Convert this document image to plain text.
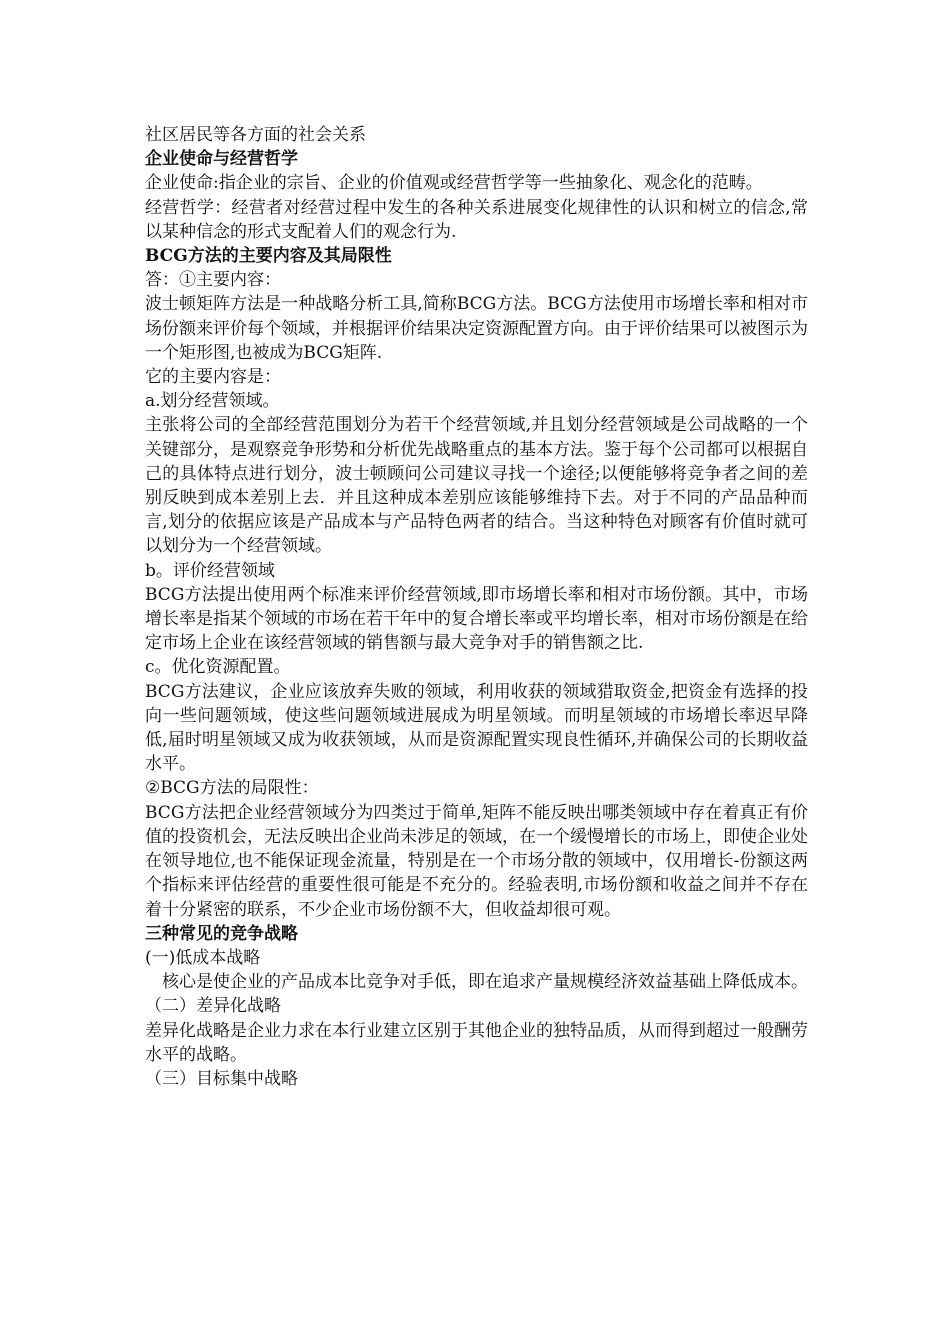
社区居民等各方面的社会关系

企业使命与经营哲学

企业使命:指企业的宗旨、企业的价值观或经营哲学等一些抽象化、观念化的范畴。

经营哲学：经营者对经营过程中发生的各种关系进展变化规律性的认识和树立的信念,常以某种信念的形式支配着人们的观念行为.

BCG方法的主要内容及其局限性

答：①主要内容：

波士顿矩阵方法是一种战略分析工具,简称BCG方法。BCG方法使用市场增长率和相对市场份额来评价每个领域，并根据评价结果决定资源配置方向。由于评价结果可以被图示为一个矩形图,也被成为BCG矩阵.

它的主要内容是：

a.划分经营领域。

主张将公司的全部经营范围划分为若干个经营领域,并且划分经营领域是公司战略的一个关键部分，是观察竞争形势和分析优先战略重点的基本方法。鉴于每个公司都可以根据自己的具体特点进行划分，波士顿顾问公司建议寻找一个途径;以便能够将竞争者之间的差别反映到成本差别上去．并且这种成本差别应该能够维持下去。对于不同的产品品种而言,划分的依据应该是产品成本与产品特色两者的结合。当这种特色对顾客有价值时就可以划分为一个经营领域。

b。评价经营领域

BCG方法提出使用两个标准来评价经营领域,即市场增长率和相对市场份额。其中，市场增长率是指某个领域的市场在若干年中的复合增长率或平均增长率，相对市场份额是在给定市场上企业在该经营领域的销售额与最大竞争对手的销售额之比.

c。优化资源配置。

BCG方法建议，企业应该放弃失败的领域，利用收获的领域猎取资金,把资金有选择的投向一些问题领域，使这些问题领域进展成为明星领域。而明星领域的市场增长率迟早降低,届时明星领域又成为收获领域，从而是资源配置实现良性循环,并确保公司的长期收益水平。

②BCG方法的局限性：

BCG方法把企业经营领域分为四类过于简单,矩阵不能反映出哪类领域中存在着真正有价值的投资机会，无法反映出企业尚未涉足的领域，在一个缓慢增长的市场上，即使企业处在领导地位,也不能保证现金流量，特别是在一个市场分散的领域中，仅用增长-份额这两个指标来评估经营的重要性很可能是不充分的。经验表明,市场份额和收益之间并不存在着十分紧密的联系，不少企业市场份额不大，但收益却很可观。

三种常见的竞争战略

(一)低成本战略

核心是使企业的产品成本比竞争对手低，即在追求产量规模经济效益基础上降低成本。

（二）差异化战略

差异化战略是企业力求在本行业建立区别于其他企业的独特品质，从而得到超过一般酬劳水平的战略。

（三）目标集中战略
